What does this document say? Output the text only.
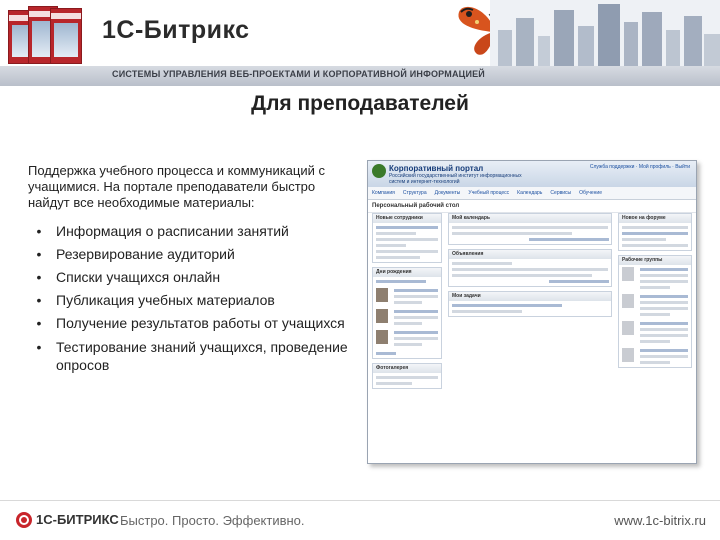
1С-Битрикс
СИСТЕМЫ УПРАВЛЕНИЯ ВЕБ-ПРОЕКТАМИ И КОРПОРАТИВНОЙ ИНФОРМАЦИЕЙ
Для преподавателей

Поддержка учебного процесса и коммуникаций с учащимися. На портале преподаватели быстро найдут все необходимые материалы:

•	Информация о расписании занятий
•	Резервирование аудиторий
•	Списки учащихся онлайн
•	Публикация учебных материалов
•	Получение результатов работы от учащихся
•	Тестирование знаний учащихся, проведение опросов
Корпоративный портал
Российский государственный институт информационных систем и интернет-технологий
Служба поддержки · Мой профиль · Выйти
Компания Структура Документы Учебный процесс Календарь Сервисы Обучение
Персональный рабочий стол
Новые сотрудники
Дни рождения
Фотогалерея
Мой календарь
Объявления
Мои задачи
Новое на форуме
Рабочие группы
1С-БИТРИКС Быстро. Просто. Эффективно.	www.1c-bitrix.ru
